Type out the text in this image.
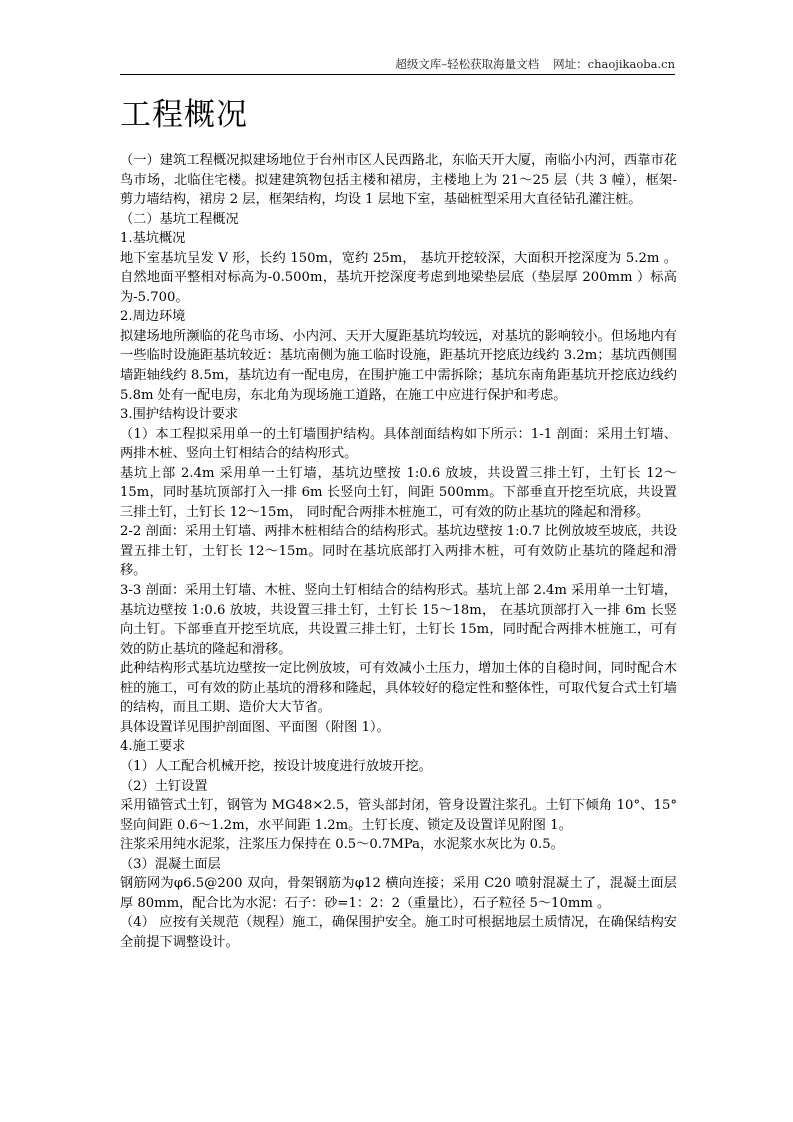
超级文库–轻松获取海量文档 网址：chaojikaoba.cn
工程概况

（一）建筑工程概况拟建场地位于台州市区人民西路北，东临天开大厦，南临小内河，西靠市花鸟市场，北临住宅楼。拟建建筑物包括主楼和裙房，主楼地上为 21～25 层（共 3 幢），框架-剪力墙结构，裙房 2 层，框架结构，均设 1 层地下室，基础桩型采用大直径钻孔灌注桩。

（二）基坑工程概况

1.基坑概况

地下室基坑呈发 V 形，长约 150m，宽约 25m， 基坑开挖较深，大面积开挖深度为 5.2m 。自然地面平整相对标高为-0.500m，基坑开挖深度考虑到地梁垫层底（垫层厚 200mm ）标高为-5.700。

2.周边环境

拟建场地所濒临的花鸟市场、小内河、天开大厦距基坑均较远，对基坑的影响较小。但场地内有一些临时设施距基坑较近：基坑南侧为施工临时设施，距基坑开挖底边线约 3.2m；基坑西侧围墙距轴线约 8.5m，基坑边有一配电房，在围护施工中需拆除；基坑东南角距基坑开挖底边线约 5.8m 处有一配电房，东北角为现场施工道路，在施工中应进行保护和考虑。

3.围护结构设计要求

（1）本工程拟采用单一的土钉墙围护结构。具体剖面结构如下所示：1-1 剖面：采用土钉墙、两排木桩、竖向土钉相结合的结构形式。

基坑上部 2.4m 采用单一土钉墙，基坑边壁按 1:0.6 放坡，共设置三排土钉，土钉长 12～15m，同时基坑顶部打入一排 6m 长竖向土钉，间距 500mm。下部垂直开挖至坑底，共设置三排土钉，土钉长 12～15m， 同时配合两排木桩施工，可有效的防止基坑的隆起和滑移。

2-2 剖面：采用土钉墙、两排木桩相结合的结构形式。基坑边壁按 1:0.7 比例放坡至坡底，共设置五排土钉，土钉长 12～15m。同时在基坑底部打入两排木桩，可有效防止基坑的隆起和滑移。

3-3 剖面：采用土钉墙、木桩、竖向土钉相结合的结构形式。基坑上部 2.4m 采用单一土钉墙，基坑边壁按 1:0.6 放坡，共设置三排土钉，土钉长 15～18m， 在基坑顶部打入一排 6m 长竖向土钉。下部垂直开挖至坑底，共设置三排土钉，土钉长 15m，同时配合两排木桩施工，可有效的防止基坑的隆起和滑移。

此种结构形式基坑边壁按一定比例放坡，可有效减小土压力，增加土体的自稳时间，同时配合木桩的施工，可有效的防止基坑的滑移和隆起，具体较好的稳定性和整体性，可取代复合式土钉墙的结构，而且工期、造价大大节省。

具体设置详见围护剖面图、平面图（附图 1）。

4.施工要求

（1）人工配合机械开挖，按设计坡度进行放坡开挖。

（2）土钉设置

采用锚管式土钉，钢管为 MG48×2.5，管头部封闭，管身设置注浆孔。土钉下倾角 10°、15° 竖向间距 0.6～1.2m，水平间距 1.2m。土钉长度、锁定及设置详见附图 1。

注浆采用纯水泥浆，注浆压力保持在 0.5～0.7MPa，水泥浆水灰比为 0.5。

（3）混凝土面层

钢筋网为φ6.5@200 双向，骨架钢筋为φ12 横向连接；采用 C20 喷射混凝土了，混凝土面层厚 80mm，配合比为水泥：石子：砂=1：2：2（重量比），石子粒径 5～10mm 。

（4） 应按有关规范（规程）施工，确保围护安全。施工时可根据地层土质情况，在确保结构安全前提下调整设计。
